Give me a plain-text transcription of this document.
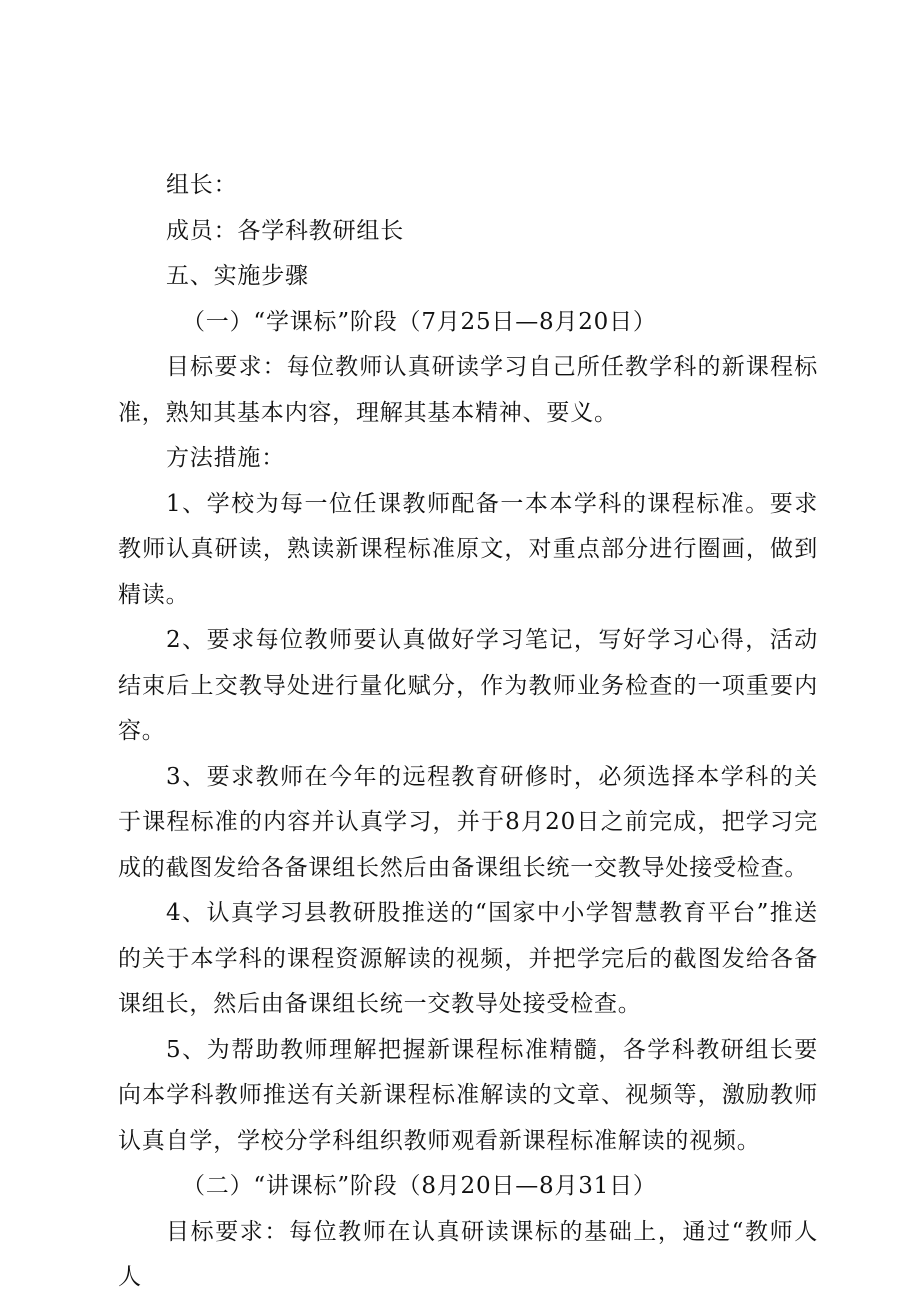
组长：

成员：各学科教研组长

五、实施步骤

（一）“学课标”阶段（7月25日—8月20日）

目标要求：每位教师认真研读学习自己所任教学科的新课程标准，熟知其基本内容，理解其基本精神、要义。

方法措施：

1、学校为每一位任课教师配备一本本学科的课程标准。要求教师认真研读，熟读新课程标准原文，对重点部分进行圈画，做到精读。

2、要求每位教师要认真做好学习笔记，写好学习心得，活动结束后上交教导处进行量化赋分，作为教师业务检查的一项重要内容。

3、要求教师在今年的远程教育研修时，必须选择本学科的关于课程标准的内容并认真学习，并于8月20日之前完成，把学习完成的截图发给各备课组长然后由备课组长统一交教导处接受检查。

4、认真学习县教研股推送的“国家中小学智慧教育平台”推送的关于本学科的课程资源解读的视频，并把学完后的截图发给各备课组长，然后由备课组长统一交教导处接受检查。

5、为帮助教师理解把握新课程标准精髓，各学科教研组长要向本学科教师推送有关新课程标准解读的文章、视频等，激励教师认真自学，学校分学科组织教师观看新课程标准解读的视频。

（二）“讲课标”阶段（8月20日—8月31日）

目标要求：每位教师在认真研读课标的基础上，通过“教师人人
